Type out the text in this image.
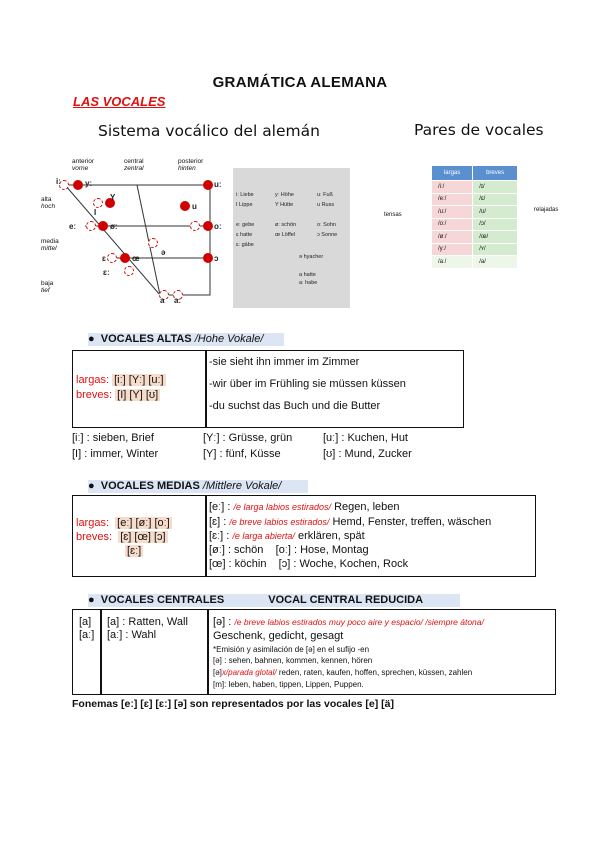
GRAMÁTICA ALEMANA
LAS VOCALES
Sistema vocálico del alemán	Pares de vocales
anterior
vorne
central
zentral
posterior
hinten
alta
hoch
media
mittel
baja
tief
iː	yː	uː
Y
I
u
eː	øː	oː
ɛ	œ	ɔ
ɛː
ə
a aː
iː Liebe	yː Höhe	uː Fuß
I Lippe	Y Hütte	u Russ
eː gebe	øː schön	oː Sohn
ɛ hatte	œ Löffel	ɔ Sonne
ɛː gäbe
ə hyacher
a hatte
aː habe
tensas
relajadas
largas	breves
/iː/	/ɪ/
/eː/	/ɛ/
/uː/	/ʊ/
/oː/	/ɔ/
/øː/	/œ/
/yː/	/ʏ/
/aː/	/a/
● VOCALES ALTAS /Hohe Vokale/
largas: [iː] [Yː] [uː]
breves: [I] [Y] [ʊ]
-sie sieht ihn immer im Zimmer
-wir über im Frühling sie müssen küssen
-du suchst das Buch und die Butter
[iː] : sieben, Brief	[Yː] : Grüsse, grün	[uː] : Kuchen, Hut
[I] : immer, Winter	[Y] : fünf, Küsse	[ʊ] : Mund, Zucker
● VOCALES MEDIAS /Mittlere Vokale/
largas: [eː] [øː] [oː]
breves: [ɛ] [œ] [ɔ]
[ɛː]
[eː] : /e larga labios estirados/ Regen, leben
[ɛ] : /e breve labios estirados/ Hemd, Fenster, treffen, wäschen
[ɛː] : /e larga abierta/ erklären, spät
[øː] : schön    [oː] : Hose, Montag
[œ] : köchin    [ɔ] : Woche, Kochen, Rock
● VOCALES CENTRALES	VOCAL CENTRAL REDUCIDA
[a]
[aː]
[a] : Ratten, Wall
[aː] : Wahl
[ə] : /e breve labios estirados muy poco aire y espacio/ /siempre átona/
Geschenk, gedicht, gesagt
*Emisión y asimilación de [ə] en el sufijo -en
[ə] : sehen, bahnen, kommen, kennen, hören
[ə]x/parada glotal/ reden, raten, kaufen, hoffen, sprechen, küssen, zahlen
[m]: leben, haben, tippen, Lippen, Puppen.
Fonemas [eː] [ɛ] [ɛː] [ə] son representados por las vocales [e] [ä]
